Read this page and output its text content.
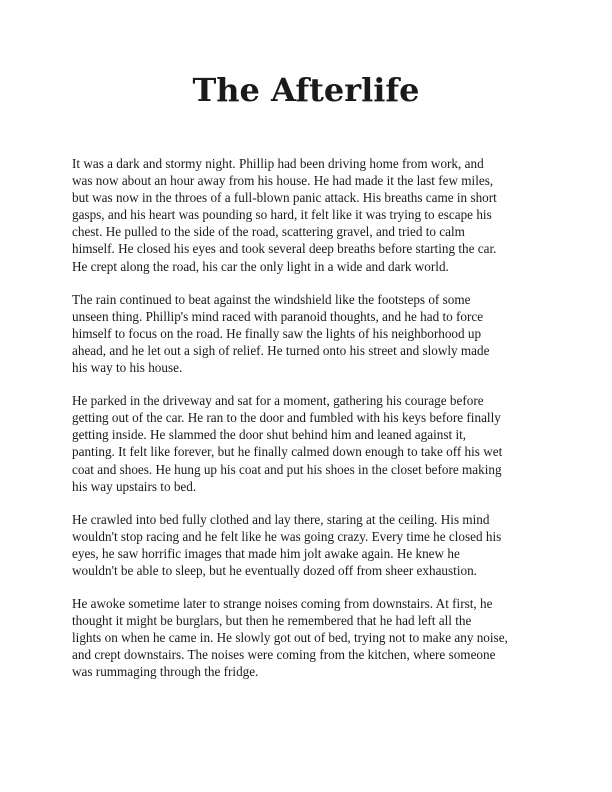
The Afterlife

It was a dark and stormy night. Phillip had been driving home from work, and
was now about an hour away from his house. He had made it the last few miles,
but was now in the throes of a full-blown panic attack. His breaths came in short
gasps, and his heart was pounding so hard, it felt like it was trying to escape his
chest. He pulled to the side of the road, scattering gravel, and tried to calm
himself. He closed his eyes and took several deep breaths before starting the car.
He crept along the road, his car the only light in a wide and dark world.

The rain continued to beat against the windshield like the footsteps of some
unseen thing. Phillip's mind raced with paranoid thoughts, and he had to force
himself to focus on the road. He finally saw the lights of his neighborhood up
ahead, and he let out a sigh of relief. He turned onto his street and slowly made
his way to his house.

He parked in the driveway and sat for a moment, gathering his courage before
getting out of the car. He ran to the door and fumbled with his keys before finally
getting inside. He slammed the door shut behind him and leaned against it,
panting. It felt like forever, but he finally calmed down enough to take off his wet
coat and shoes. He hung up his coat and put his shoes in the closet before making
his way upstairs to bed.

He crawled into bed fully clothed and lay there, staring at the ceiling. His mind
wouldn't stop racing and he felt like he was going crazy. Every time he closed his
eyes, he saw horrific images that made him jolt awake again. He knew he
wouldn't be able to sleep, but he eventually dozed off from sheer exhaustion.

He awoke sometime later to strange noises coming from downstairs. At first, he
thought it might be burglars, but then he remembered that he had left all the
lights on when he came in. He slowly got out of bed, trying not to make any noise,
and crept downstairs. The noises were coming from the kitchen, where someone
was rummaging through the fridge.
